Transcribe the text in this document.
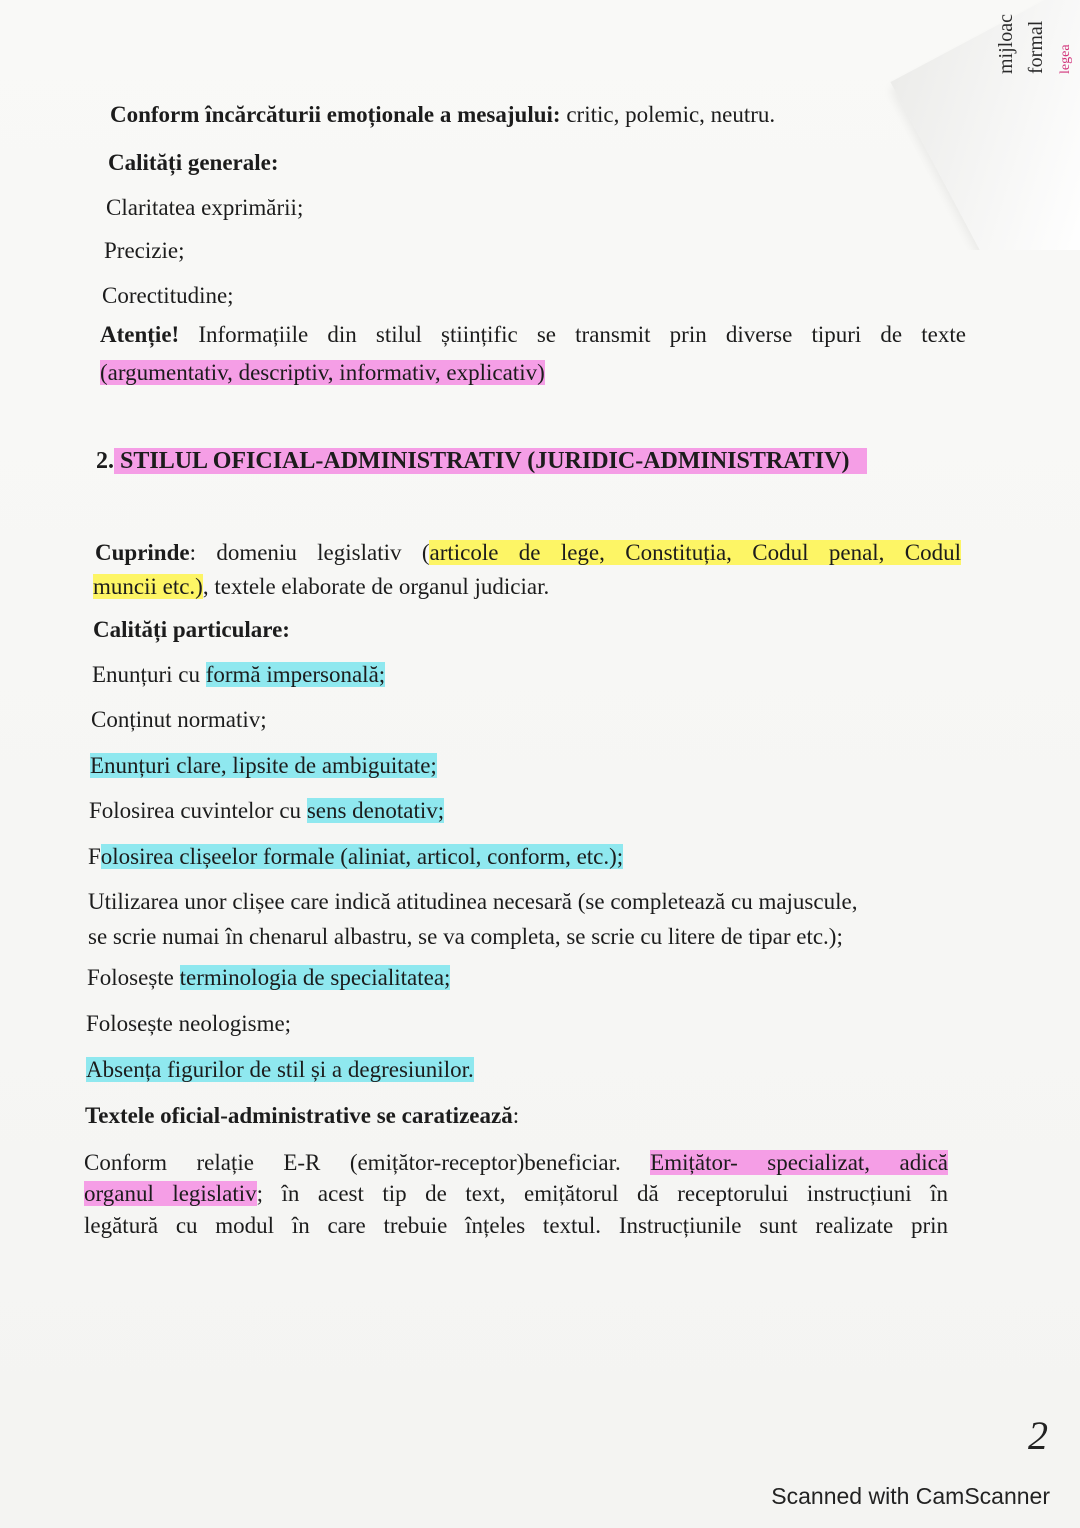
mijloac formal legea
Conform încărcăturii emoționale a mesajului: critic, polemic, neutru.
Calități generale:
Claritatea exprimării;
Precizie;
Corectitudine;
Atenție! Informațiile din stilul științific se transmit prin diverse tipuri de texte
(argumentativ, descriptiv, informativ, explicativ)
2. STILUL OFICIAL-ADMINISTRATIV (JURIDIC-ADMINISTRATIV)
Cuprinde: domeniu legislativ (articole de lege, Constituția, Codul penal, Codul
muncii etc.), textele elaborate de organul judiciar.
Calități particulare:
Enunțuri cu formă impersonală;
Conținut normativ;
Enunțuri clare, lipsite de ambiguitate;
Folosirea cuvintelor cu sens denotativ;
Folosirea clișeelor formale (aliniat, articol, conform, etc.);
Utilizarea unor clișee care indică atitudinea necesară (se completează cu majuscule,
se scrie numai în chenarul albastru, se va completa, se scrie cu litere de tipar etc.);
Folosește terminologia de specialitatea;
Folosește neologisme;
Absența figurilor de stil și a degresiunilor.
Textele oficial-administrative se caratizează:
Conform relație E-R (emițător-receptor)beneficiar. Emițător- specializat, adică
organul legislativ; în acest tip de text, emițătorul dă receptorului instrucțiuni în
legătură cu modul în care trebuie înțeles textul. Instrucțiunile sunt realizate prin
2
Scanned with CamScanner
